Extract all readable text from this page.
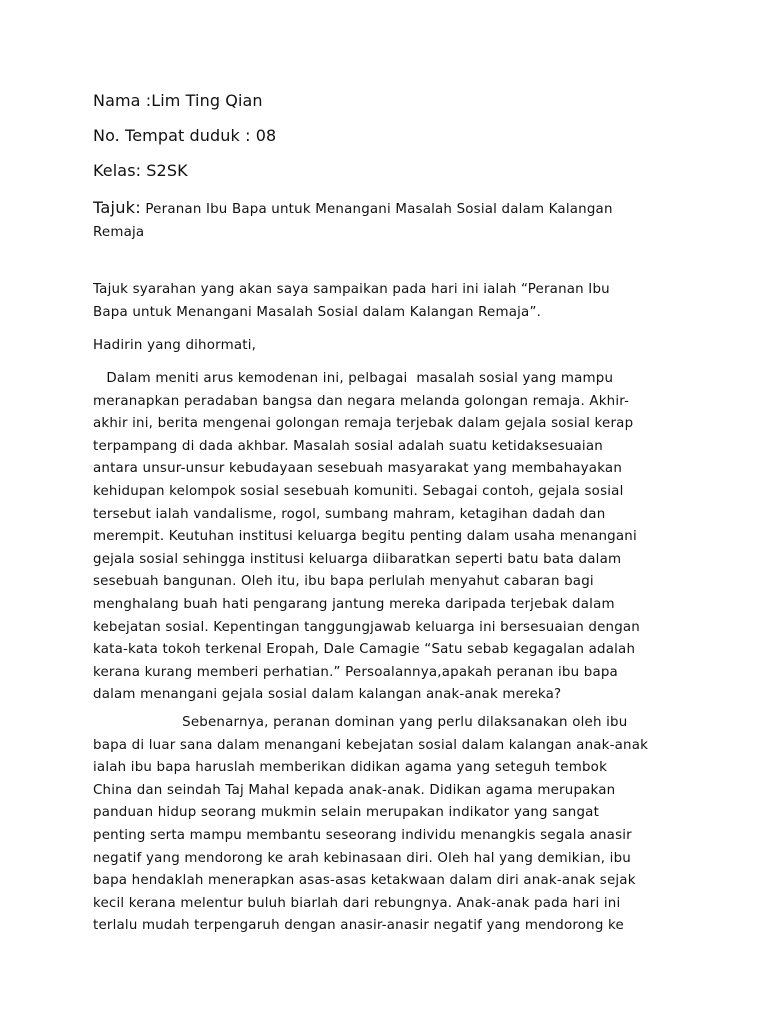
Nama :Lim Ting Qian
No. Tempat duduk : 08
Kelas: S2SK
Tajuk: Peranan Ibu Bapa untuk Menangani Masalah Sosial dalam Kalangan
Remaja
Tajuk syarahan yang akan saya sampaikan pada hari ini ialah “Peranan Ibu
Bapa untuk Menangani Masalah Sosial dalam Kalangan Remaja”.
Hadirin yang dihormati,
Dalam meniti arus kemodenan ini, pelbagai  masalah sosial yang mampu
meranapkan peradaban bangsa dan negara melanda golongan remaja. Akhir-
akhir ini, berita mengenai golongan remaja terjebak dalam gejala sosial kerap
terpampang di dada akhbar. Masalah sosial adalah suatu ketidaksesuaian
antara unsur-unsur kebudayaan sesebuah masyarakat yang membahayakan
kehidupan kelompok sosial sesebuah komuniti. Sebagai contoh, gejala sosial
tersebut ialah vandalisme, rogol, sumbang mahram, ketagihan dadah dan
merempit. Keutuhan institusi keluarga begitu penting dalam usaha menangani
gejala sosial sehingga institusi keluarga diibaratkan seperti batu bata dalam
sesebuah bangunan. Oleh itu, ibu bapa perlulah menyahut cabaran bagi
menghalang buah hati pengarang jantung mereka daripada terjebak dalam
kebejatan sosial. Kepentingan tanggungjawab keluarga ini bersesuaian dengan
kata-kata tokoh terkenal Eropah, Dale Camagie “Satu sebab kegagalan adalah
kerana kurang memberi perhatian.” Persoalannya,apakah peranan ibu bapa
dalam menangani gejala sosial dalam kalangan anak-anak mereka?
Sebenarnya, peranan dominan yang perlu dilaksanakan oleh ibu
bapa di luar sana dalam menangani kebejatan sosial dalam kalangan anak-anak
ialah ibu bapa haruslah memberikan didikan agama yang seteguh tembok
China dan seindah Taj Mahal kepada anak-anak. Didikan agama merupakan
panduan hidup seorang mukmin selain merupakan indikator yang sangat
penting serta mampu membantu seseorang individu menangkis segala anasir
negatif yang mendorong ke arah kebinasaan diri. Oleh hal yang demikian, ibu
bapa hendaklah menerapkan asas-asas ketakwaan dalam diri anak-anak sejak
kecil kerana melentur buluh biarlah dari rebungnya. Anak-anak pada hari ini
terlalu mudah terpengaruh dengan anasir-anasir negatif yang mendorong ke
